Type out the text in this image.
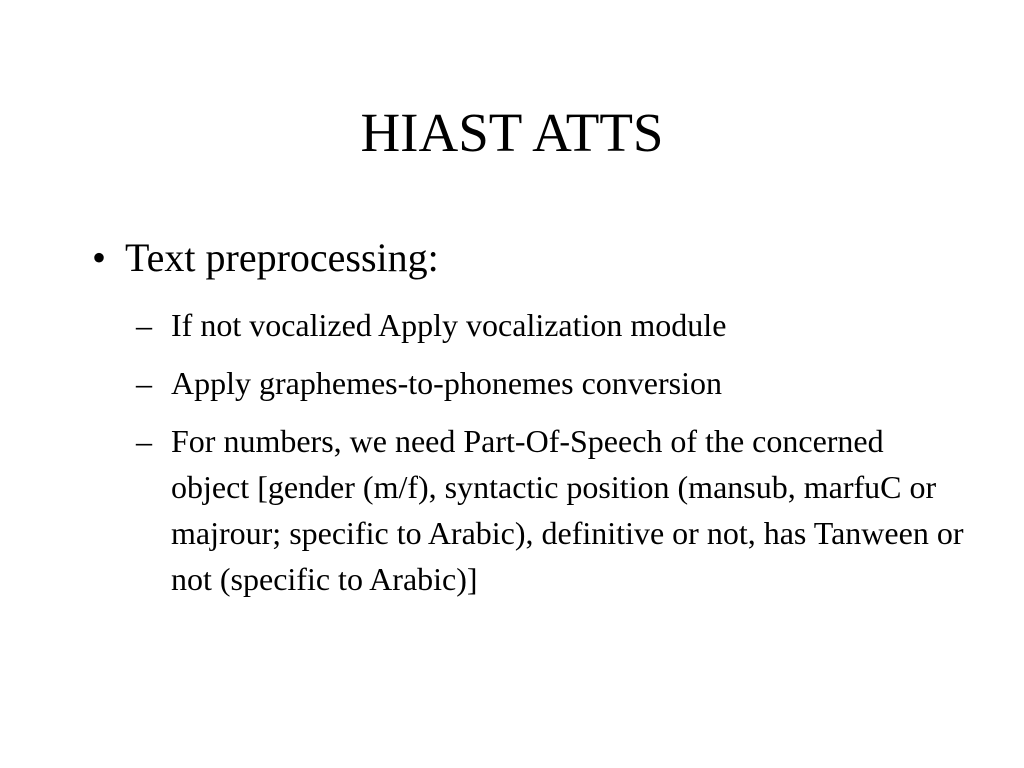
HIAST ATTS
• Text preprocessing:
– If not vocalized Apply vocalization module
– Apply graphemes-to-phonemes conversion
– For numbers, we need Part-Of-Speech of the concerned object [gender (m/f), syntactic position (mansub, marfuC or majrour; specific to Arabic), definitive or not, has Tanween or not (specific to Arabic)]
